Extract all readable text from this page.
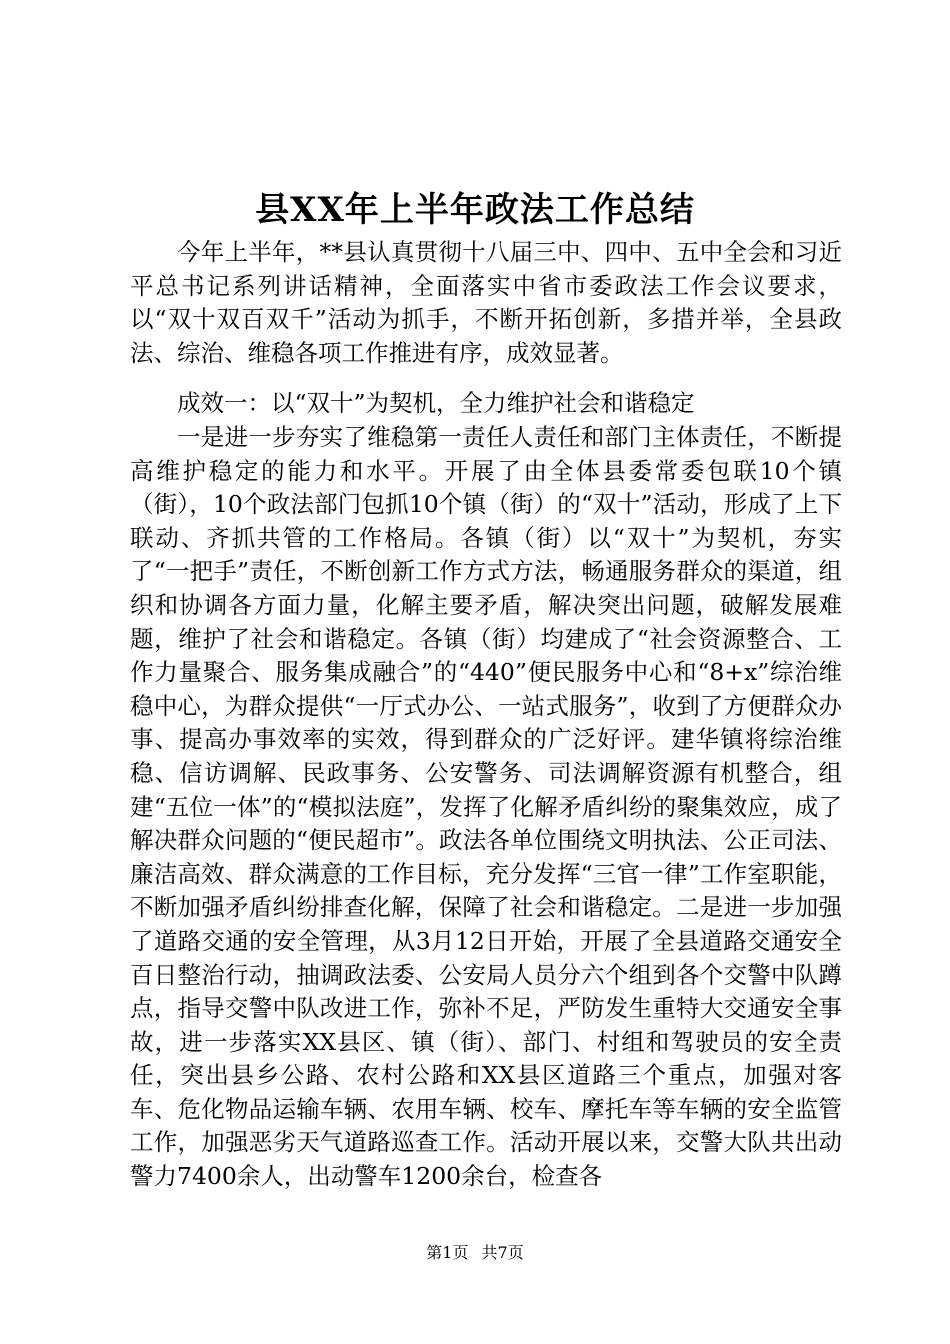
县XX年上半年政法工作总结

今年上半年，**县认真贯彻十八届三中、四中、五中全会和习近平总书记系列讲话精神，全面落实中省市委政法工作会议要求，以“双十双百双千”活动为抓手，不断开拓创新，多措并举，全县政法、综治、维稳各项工作推进有序，成效显著。

成效一：以“双十”为契机，全力维护社会和谐稳定

一是进一步夯实了维稳第一责任人责任和部门主体责任，不断提高维护稳定的能力和水平。开展了由全体县委常委包联10个镇（街），10个政法部门包抓10个镇（街）的“双十”活动，形成了上下联动、齐抓共管的工作格局。各镇（街）以“双十”为契机，夯实了“一把手”责任，不断创新工作方式方法，畅通服务群众的渠道，组织和协调各方面力量，化解主要矛盾，解决突出问题，破解发展难题，维护了社会和谐稳定。各镇（街）均建成了“社会资源整合、工作力量聚合、服务集成融合”的“440”便民服务中心和“8+x”综治维稳中心，为群众提供“一厅式办公、一站式服务”，收到了方便群众办事、提高办事效率的实效，得到群众的广泛好评。建华镇将综治维稳、信访调解、民政事务、公安警务、司法调解资源有机整合，组建“五位一体”的“模拟法庭”，发挥了化解矛盾纠纷的聚集效应，成了解决群众问题的“便民超市”。政法各单位围绕文明执法、公正司法、廉洁高效、群众满意的工作目标，充分发挥“三官一律”工作室职能，不断加强矛盾纠纷排查化解，保障了社会和谐稳定。二是进一步加强了道路交通的安全管理，从3月12日开始，开展了全县道路交通安全百日整治行动，抽调政法委、公安局人员分六个组到各个交警中队蹲点，指导交警中队改进工作，弥补不足，严防发生重特大交通安全事故，进一步落实XX县区、镇（街）、部门、村组和驾驶员的安全责任，突出县乡公路、农村公路和XX县区道路三个重点，加强对客车、危化物品运输车辆、农用车辆、校车、摩托车等车辆的安全监管工作，加强恶劣天气道路巡查工作。活动开展以来，交警大队共出动警力7400余人，出动警车1200余台，检查各

第1页 共7页
